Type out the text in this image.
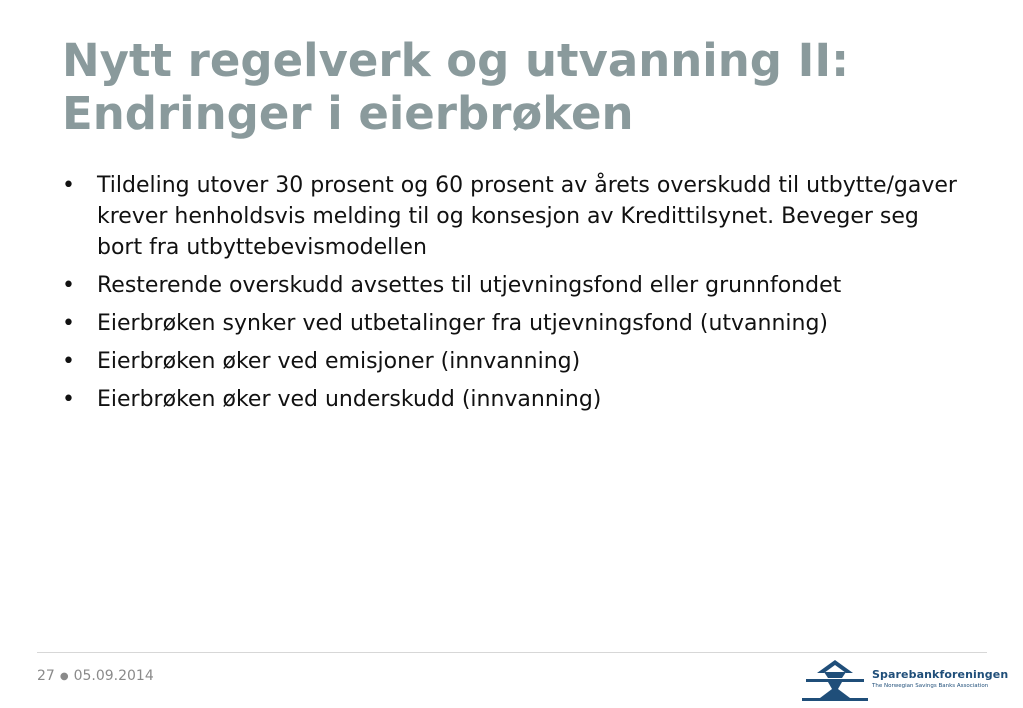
Nytt regelverk og utvanning II:
Endringer i eierbrøken
•	Tildeling utover 30 prosent og 60 prosent av årets overskudd til utbytte/gaver krever henholdsvis melding til og konsesjon av Kredittilsynet. Beveger seg bort fra utbyttebevismodellen
•	Resterende overskudd avsettes til utjevningsfond eller grunnfondet
•	Eierbrøken synker ved utbetalinger fra utjevningsfond (utvanning)
•	Eierbrøken øker ved emisjoner (innvanning)
•	Eierbrøken øker ved underskudd (innvanning)
27 ● 05.09.2014	Sparebankforeningen
The Norwegian Savings Banks Association
